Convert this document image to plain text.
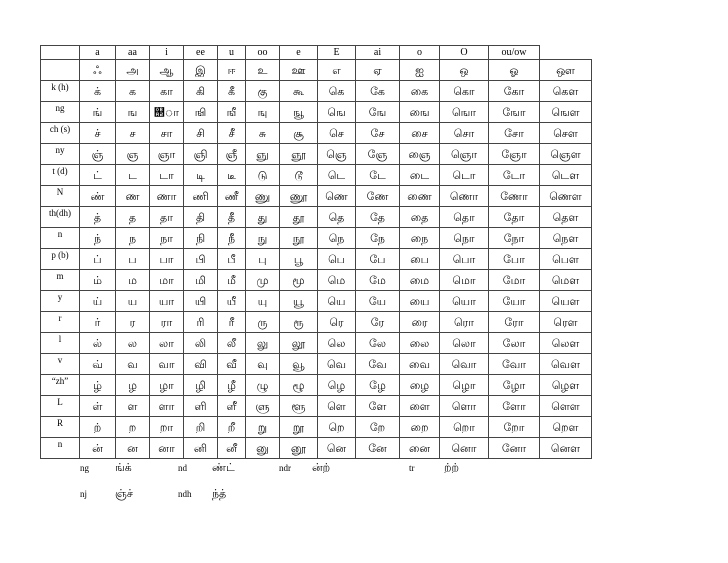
	a	aa	i	ee	u	oo	e	E	ai	o	O	ou/ow	
	ஃ	அ	ஆ	இ	ஈ	உ	ஊ	எ	ஏ	ஐ	ஒ	ஓ	ஔ
k (h)	க்	க	கா	கி	கீ	கு	கூ	கெ	கே	கை	கொ	கோ	கௌ
ng	ங்	ங	஢ா	ஙி	ஙீ	ஙு	ஙூ	ஙெ	ஙே	ஙை	ஙொ	ஙோ	ஙௌ
ch (s)	ச்	ச	சா	சி	சீ	சு	சூ	செ	சே	சை	சொ	சோ	சௌ
ny	ஞ்	ஞ	ஞா	ஞி	ஞீ	ஞு	ஞூ	ஞெ	ஞே	ஞை	ஞொ	ஞோ	ஞௌ
t (d)	ட்	ட	டா	டி	டீ	டு	டூ	டெ	டே	டை	டொ	டோ	டௌ
N	ண்	ண	ணா	ணி	ணீ	ணு	ணூ	ணெ	ணே	ணை	ணொ	ணோ	ணௌ
th(dh)	த்	த	தா	தி	தீ	து	தூ	தெ	தே	தை	தொ	தோ	தௌ
n	ந்	ந	நா	நி	நீ	நு	நூ	நெ	நே	நை	நொ	நோ	நௌ
p (b)	ப்	ப	பா	பி	பீ	பு	பூ	பெ	பே	பை	பொ	போ	பௌ
m	ம்	ம	மா	மி	மீ	மு	மூ	மெ	மே	மை	மொ	மோ	மௌ
y	ய்	ய	யா	யி	யீ	யு	யூ	யெ	யே	யை	யொ	யோ	யௌ
r	ர்	ர	ரா	ரி	ரீ	ரு	ரூ	ரெ	ரே	ரை	ரொ	ரோ	ரௌ
l	ல்	ல	லா	லி	லீ	லு	லூ	லெ	லே	லை	லொ	லோ	லௌ
v	வ்	வ	வா	வி	வீ	வு	வூ	வெ	வே	வை	வொ	வோ	வௌ
“zh”	ழ்	ழ	ழா	ழி	ழீ	ழு	ழூ	ழெ	ழே	ழை	ழொ	ழோ	ழௌ
L	ள்	ள	ளா	ளி	ளீ	ளு	ளூ	ளெ	ளே	ளை	ளொ	ளோ	ளௌ
R	ற்	ற	றா	றி	றீ	று	றூ	றெ	றே	றை	றொ	றோ	றௌ
n	ன்	ன	னா	னி	னீ	னு	னூ	னெ	னே	னை	னொ	னோ	னௌ
ng ங்க்	nd ண்ட்	ndr ன்ற்	tr	ற்ற்
nj	ஞ்ச்	ndh ந்த்
